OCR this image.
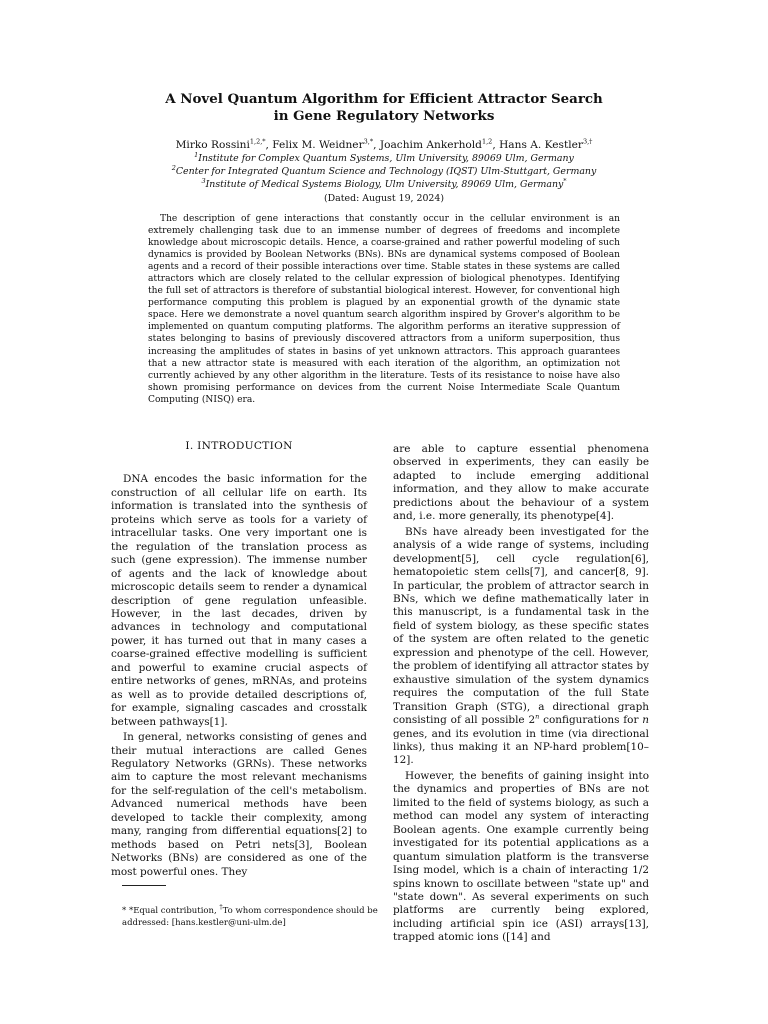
A Novel Quantum Algorithm for Efficient Attractor Search
in Gene Regulatory Networks
Mirko Rossini$^{1,2,*}$, Felix M. Weidner$^{3,*}$, Joachim Ankerhold$^{1,2}$, Hans A. Kestler$^{3,\dagger}$
$^1$Institute for Complex Quantum Systems, Ulm University, 89069 Ulm, Germany
$^2$Center for Integrated Quantum Science and Technology (IQST) Ulm-Stuttgart, Germany
$^3$Institute of Medical Systems Biology, Ulm University, 89069 Ulm, Germany*
(Dated: August 19, 2024)

The description of gene interactions that constantly occur in the cellular environment is an extremely challenging task due to an immense number of degrees of freedoms and incomplete knowledge about microscopic details. Hence, a coarse-grained and rather powerful modeling of such dynamics is provided by Boolean Networks (BNs). BNs are dynamical systems composed of Boolean agents and a record of their possible interactions over time. Stable states in these systems are called attractors which are closely related to the cellular expression of biological phenotypes. Identifying the full set of attractors is therefore of substantial biological interest. However, for conventional high performance computing this problem is plagued by an exponential growth of the dynamic state space. Here we demonstrate a novel quantum search algorithm inspired by Grover's algorithm to be implemented on quantum computing platforms. The algorithm performs an iterative suppression of states belonging to basins of previously discovered attractors from a uniform superposition, thus increasing the amplitudes of states in basins of yet unknown attractors. This approach guarantees that a new attractor state is measured with each iteration of the algorithm, an optimization not currently achieved by any other algorithm in the literature. Tests of its resistance to noise have also shown promising performance on devices from the current Noise Intermediate Scale Quantum Computing (NISQ) era.

I. INTRODUCTION

DNA encodes the basic information for the construction of all cellular life on earth. Its information is translated into the synthesis of proteins which serve as tools for a variety of intracellular tasks. One very important one is the regulation of the translation process as such (gene expression). The immense number of agents and the lack of knowledge about microscopic details seem to render a dynamical description of gene regulation unfeasible. However, in the last decades, driven by advances in technology and computational power, it has turned out that in many cases a coarse-grained effective modelling is sufficient and powerful to examine crucial aspects of entire networks of genes, mRNAs, and proteins as well as to provide detailed descriptions of, for example, signaling cascades and crosstalk between pathways[1].

In general, networks consisting of genes and their mutual interactions are called Genes Regulatory Networks (GRNs). These networks aim to capture the most relevant mechanisms for the self-regulation of the cell's metabolism. Advanced numerical methods have been developed to tackle their complexity, among many, ranging from differential equations[2] to methods based on Petri nets[3], Boolean Networks (BNs) are considered as one of the most powerful ones. They

are able to capture essential phenomena observed in experiments, they can easily be adapted to include emerging additional information, and they allow to make accurate predictions about the behaviour of a system and, i.e. more generally, its phenotype[4].

BNs have already been investigated for the analysis of a wide range of systems, including development[5], cell cycle regulation[6], hematopoietic stem cells[7], and cancer[8, 9]. In particular, the problem of attractor search in BNs, which we define mathematically later in this manuscript, is a fundamental task in the field of system biology, as these specific states of the system are often related to the genetic expression and phenotype of the cell. However, the problem of identifying all attractor states by exhaustive simulation of the system dynamics requires the computation of the full State Transition Graph (STG), a directional graph consisting of all possible 2$^n$ configurations for n genes, and its evolution in time (via directional links), thus making it an NP-hard problem[10–12].

However, the benefits of gaining insight into the dynamics and properties of BNs are not limited to the field of systems biology, as such a method can model any system of interacting Boolean agents. One example currently being investigated for its potential applications as a quantum simulation platform is the transverse Ising model, which is a chain of interacting 1/2 spins known to oscillate between "state up" and "state down". As several experiments on such platforms are currently being explored, including artificial spin ice (ASI) arrays[13], trapped atomic ions ([14] and

* *Equal contribution, †To whom correspondence should be addressed: [hans.kestler@uni-ulm.de]
